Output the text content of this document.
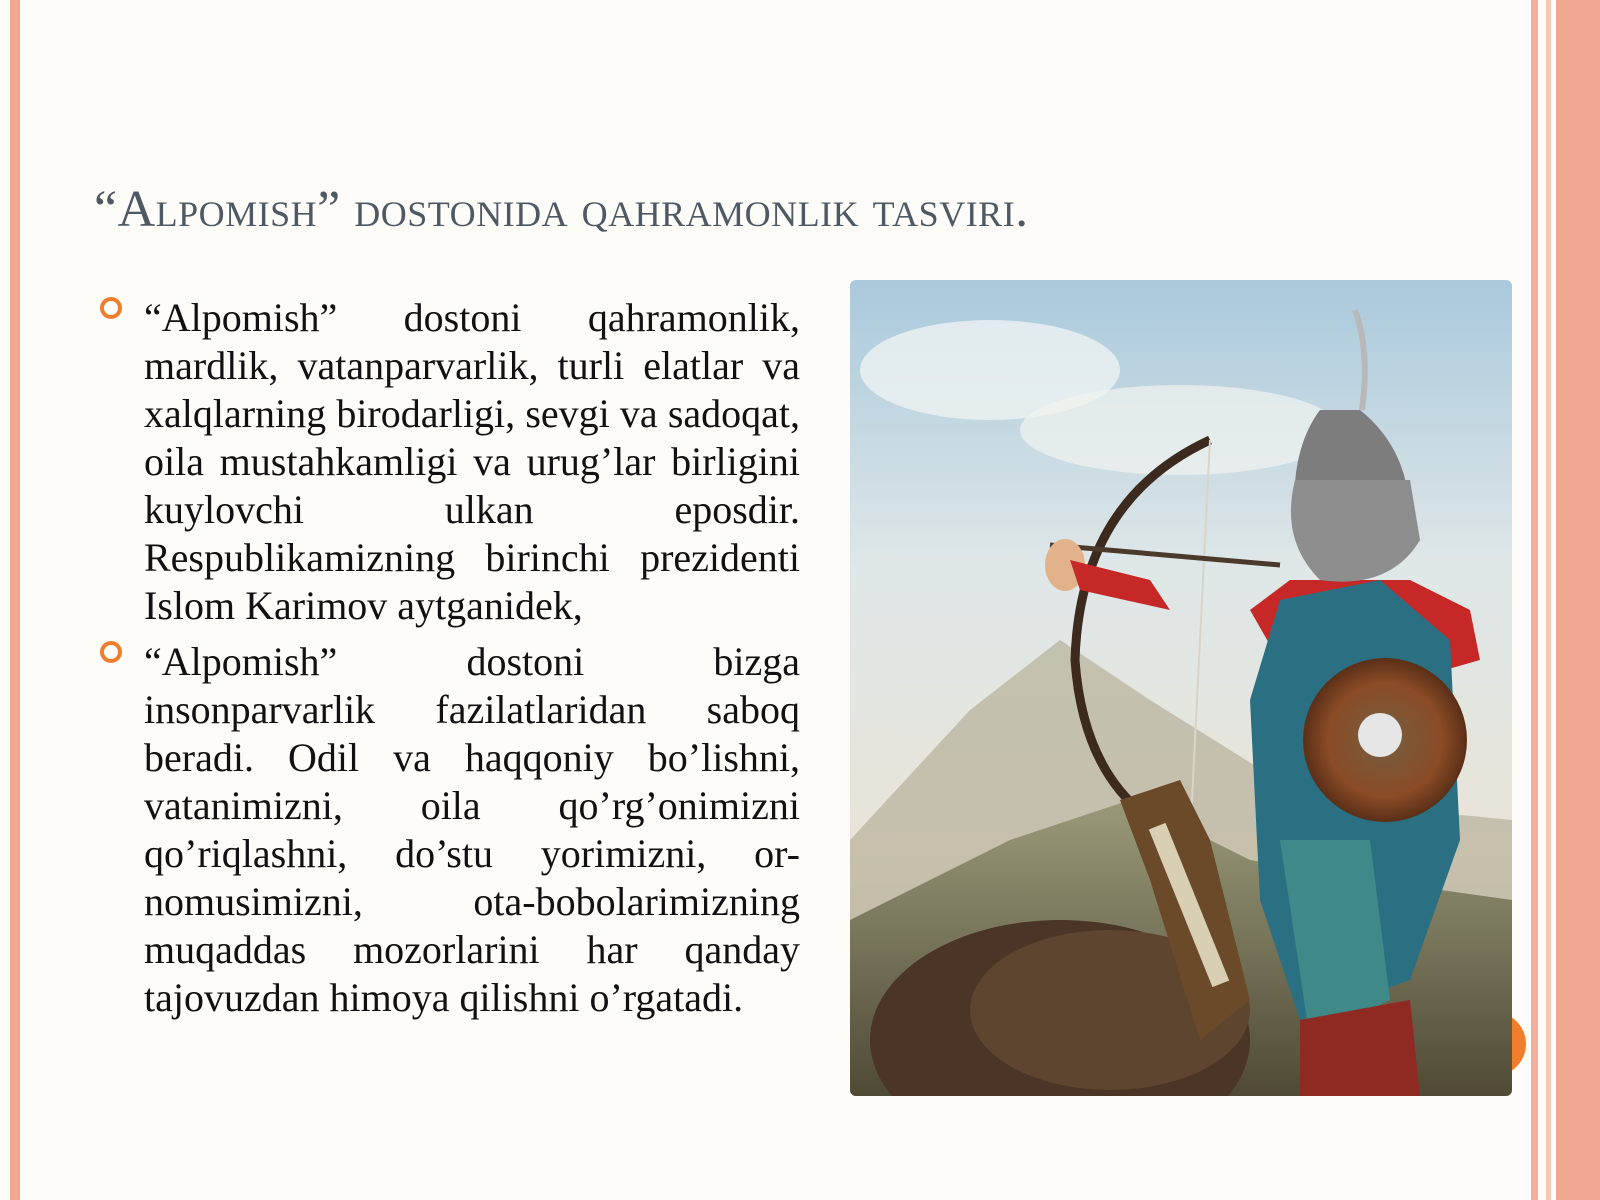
“Alpomish” dostonida qahramonlik tasviri.
“Alpomish” dostoni qahramonlik, mardlik, vatanparvarlik, turli elatlar va xalqlarning birodarligi, sevgi va sadoqat, oila mustahkamligi va urug’lar birligini kuylovchi ulkan eposdir. Respublikamizning birinchi prezidenti Islom Karimov aytganidek,
“Alpomish” dostoni bizga insonparvarlik fazilatlaridan saboq beradi. Odil va haqqoniy bo’lishni, vatanimizni, oila qo’rg’onimizni qo’riqlashni, do’stu yorimizni, or-nomusimizni, ota-bobolarimizning muqaddas mozorlarini har qanday tajovuzdan himoya qilishni o’rgatadi.
